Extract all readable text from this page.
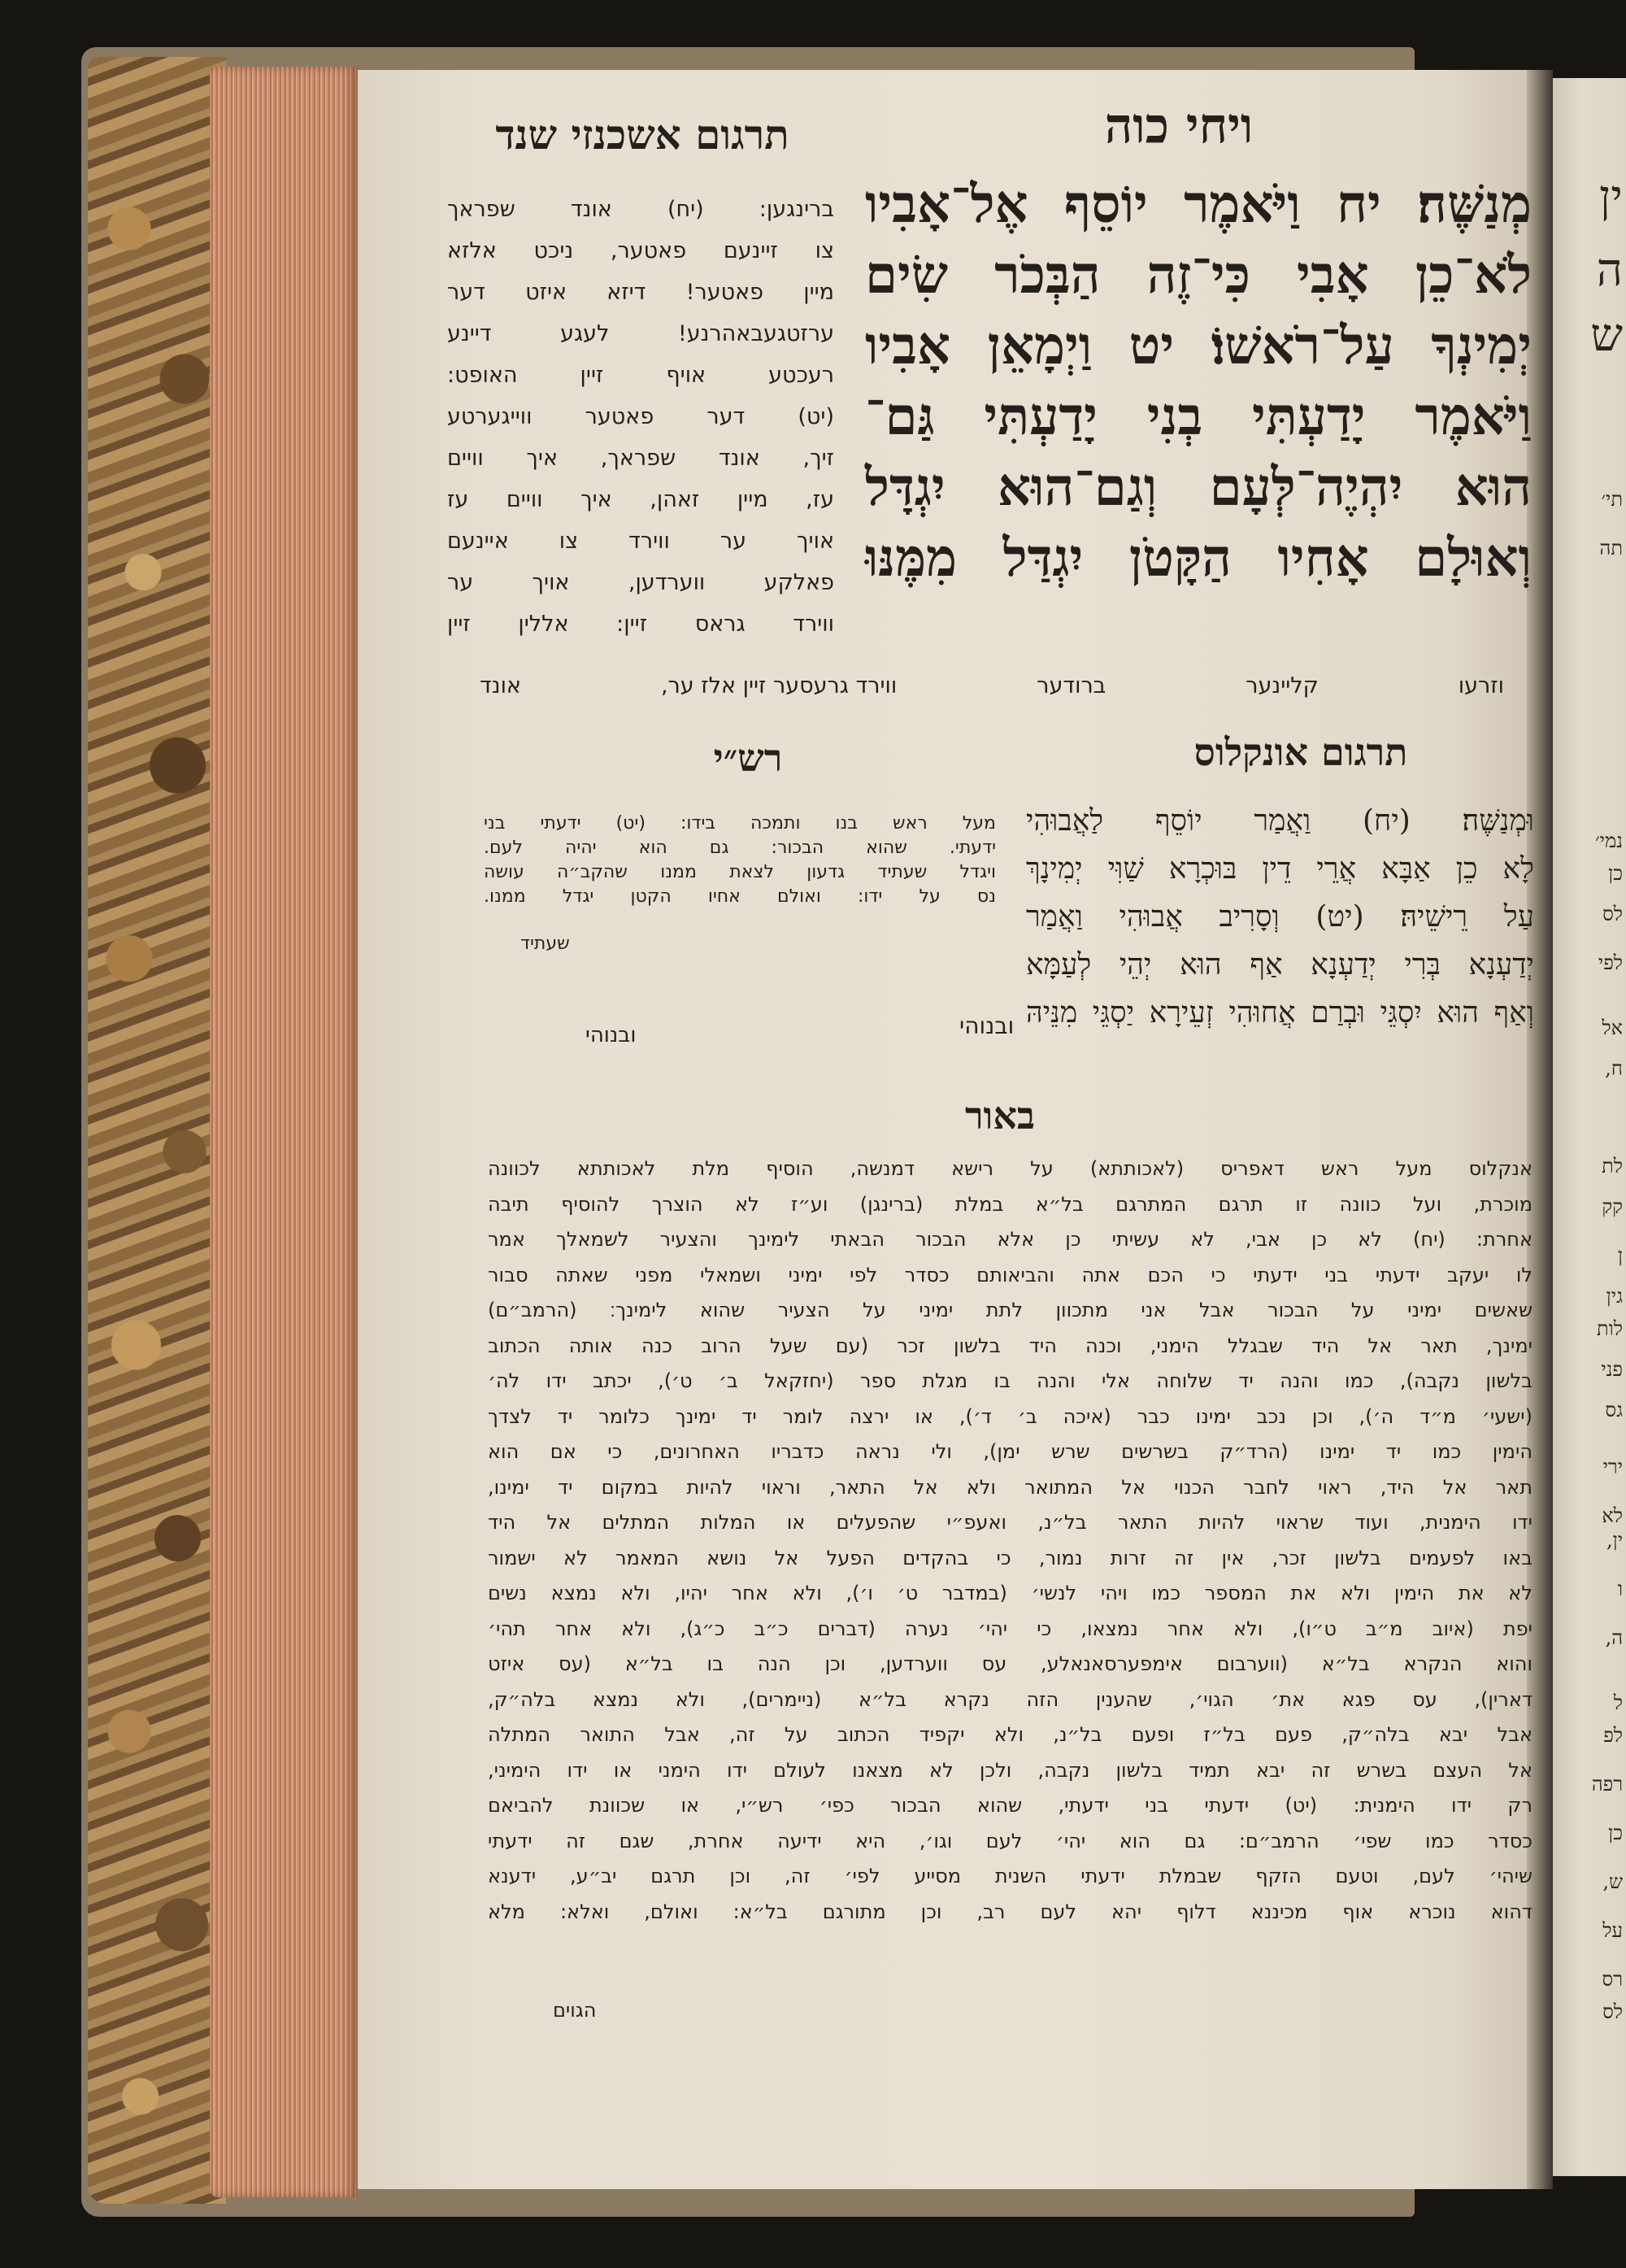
ין
ה
ש
תי׳
תה
נמי׳
כן
לס
לפי
אל
ח,
לת
קק
ן
גין
לות
פני
גס
ירי
לא
ין,
ו
ה,
ל
לפ
רפה
כן
ש,
על
רס
לס
ויחי כוה
תרגום אשכנזי שנד
מְנַשֶּׁה׃ יח וַיֹּאמֶר יוֹסֵף אֶל־אָבִיו
לֹא־כֵן אָבִי כִּי־זֶה הַבְּכֹר שִׂים
יְמִינְךָ עַל־רֹאשׁוֹ׃ יט וַיְמָאֵן אָבִיו
וַיֹּאמֶר יָדַעְתִּי בְנִי יָדַעְתִּי גַּם־
הוּא יִהְיֶה־לְּעָם וְגַם־הוּא יִגְדָּל
וְאוּלָם אָחִיו הַקָּטֹן יִגְדַּל מִמֶּנּוּ
ברינגען: (יח) אונד שפראך
צו זיינעם פאטער, ניכט אלזא
מיין פאטער! דיזא איזט דער
ערזטגעבאהרנע! לעגע דיינע
רעכטע אויף זיין האופט:
(יט) דער פאטער ווייגערטע
זיך, אונד שפראך, איך וויים
עז, מיין זאהן, איך וויים עז
אויך ער ווירד צו איינעם
פאלקע ווערדען, אויך ער
ווירד גראס זיין: אללין זיין
וזרעו
קליינער
ברודער
ווירד גרעסער זיין אלז ער,
אונד
תרגום אונקלוס
רש״י
וּמְנַשֶּׁה׃ (יח) וַאֲמַר יוֹסֵף לַאֲבוּהִי
לָא כֵן אַבָּא אֲרֵי דֵין בּוּכְרָא שַׁוִּי יְמִינָךְ
עַל רֵישֵׁיהּ׃ (יט) וְסָרִיב אֲבוּהִי וַאֲמַר
יְדַעְנָא בְּרִי יְדַעְנָא אַף הוּא יְהֵי לְעַמָּא
וְאַף הוּא יִסְגֵּי וּבְרַם אֲחוּהִי זְעֵירָא יַסְגֵּי מִנֵּיהּ
ובנוהי
מעל ראש בנו ותמכה בידו: (יט) ידעתי בני
ידעתי. שהוא הבכור: גם הוא יהיה לעם.
ויגדל שעתיד גדעון לצאת ממנו שהקב״ה עושה
נס על ידו: ואולם אחיו הקטן יגדל ממנו.
שעתיד
ובנוהי
באור
אנקלוס מעל ראש דאפריס (לאכותתא) על רישא דמנשה, הוסיף מלת לאכותתא לכוונה
מוכרת, ועל כוונה זו תרגם המתרגם בל״א במלת (ברינגן) וע״ז לא הוצרך להוסיף תיבה
אחרת: (יח) לא כן אבי, לא עשיתי כן אלא הבכור הבאתי לימינך והצעיר לשמאלך אמר
לו יעקב ידעתי בני ידעתי כי הכם אתה והביאותם כסדר לפי ימיני ושמאלי מפני שאתה סבור
שאשים ימיני על הבכור אבל אני מתכוון לתת ימיני על הצעיר שהוא לימינך׃ (הרמב״ם)
ימינך, תאר אל היד שבגלל הימני, וכנה היד בלשון זכר (עם שעל הרוב כנה אותה הכתוב
בלשון נקבה), כמו והנה יד שלוחה אלי והנה בו מגלת ספר (יחזקאל ב׳ ט׳), יכתב ידו לה׳
(ישעי׳ מ״ד ה׳), וכן נכב ימינו כבר (איכה ב׳ ד׳), או ירצה לומר יד ימינך כלומר יד לצדך
הימין כמו יד ימינו (הרד״ק בשרשים שרש ימן), ולי נראה כדבריו האחרונים, כי אם הוא
תאר אל היד, ראוי לחבר הכנוי אל המתואר ולא אל התאר, וראוי להיות במקום יד ימינו,
ידו הימנית, ועוד שראוי להיות התאר בל״נ, ואעפ״י שהפעלים או המלות המתלים אל היד
באו לפעמים בלשון זכר, אין זה זרות נמור, כי בהקדים הפעל אל נושא המאמר לא ישמור
לא את הימין ולא את המספר כמו ויהי לנשי׳ (במדבר ט׳ ו׳), ולא אחר יהיו, ולא נמצא נשים
יפת (איוב מ״ב ט״ו), ולא אחר נמצאו, כי יהי׳ נערה (דברים כ״ב כ״ג), ולא אחר תהי׳
והוא הנקרא בל״א (ווערבום אימפערסאנאלע, עס ווערדען, וכן הנה בו בל״א (עס איזט
דארין), עס פגא את׳ הגוי׳, שהענין הזה נקרא בל״א (ניימרים), ולא נמצא בלה״ק,
אבל יבא בלה״ק, פעם בל״ז ופעם בל״נ, ולא יקפיד הכתוב על זה, אבל התואר המתלה
אל העצם בשרש זה יבא תמיד בלשון נקבה, ולכן לא מצאנו לעולם ידו הימני או ידו הימיני,
רק ידו הימנית: (יט) ידעתי בני ידעתי, שהוא הבכור כפי׳ רש״י, או שכוונת להביאם
כסדר כמו שפי׳ הרמב״ם: גם הוא יהי׳ לעם וגו׳, היא ידיעה אחרת, שגם זה ידעתי
שיהי׳ לעם, וטעם הזקף שבמלת ידעתי השנית מסייע לפי׳ זה, וכן תרגם יב״ע, ידענא
דהוא נוכרא אוף מכיננא דלוף יהא לעם רב, וכן מתורגם בל״א: ואולם, ואלא: מלא
הגוים
